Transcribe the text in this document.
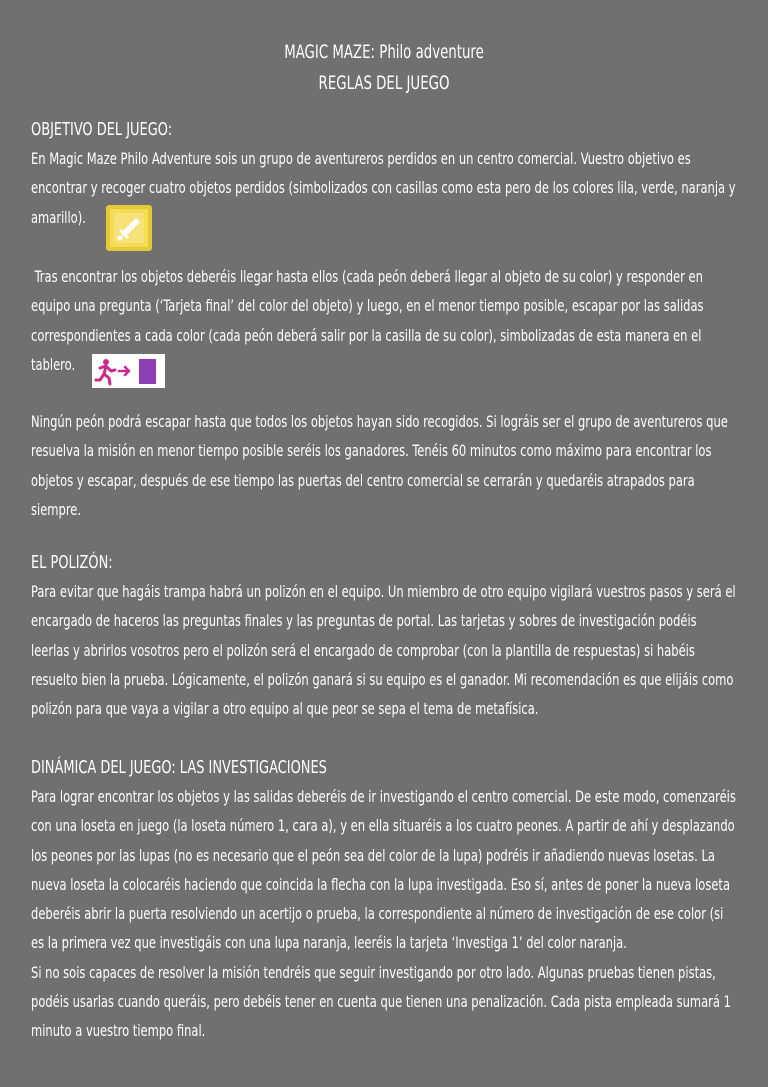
MAGIC MAZE: Philo adventure
REGLAS DEL JUEGO
OBJETIVO DEL JUEGO:
En Magic Maze Philo Adventure sois un grupo de aventureros perdidos en un centro comercial. Vuestro objetivo es
encontrar y recoger cuatro objetos perdidos (simbolizados con casillas como esta pero de los colores lila, verde, naranja y
amarillo).
Tras encontrar los objetos deberéis llegar hasta ellos (cada peón deberá llegar al objeto de su color) y responder en
equipo una pregunta (‘Tarjeta final’ del color del objeto) y luego, en el menor tiempo posible, escapar por las salidas
correspondientes a cada color (cada peón deberá salir por la casilla de su color), simbolizadas de esta manera en el
tablero.
Ningún peón podrá escapar hasta que todos los objetos hayan sido recogidos. Si lográis ser el grupo de aventureros que
resuelva la misión en menor tiempo posible seréis los ganadores. Tenéis 60 minutos como máximo para encontrar los
objetos y escapar, después de ese tiempo las puertas del centro comercial se cerrarán y quedaréis atrapados para
siempre.
EL POLIZÓN:
Para evitar que hagáis trampa habrá un polizón en el equipo. Un miembro de otro equipo vigilará vuestros pasos y será el
encargado de haceros las preguntas finales y las preguntas de portal. Las tarjetas y sobres de investigación podéis
leerlas y abrirlos vosotros pero el polizón será el encargado de comprobar (con la plantilla de respuestas) si habéis
resuelto bien la prueba. Lógicamente, el polizón ganará si su equipo es el ganador. Mi recomendación es que elijáis como
polizón para que vaya a vigilar a otro equipo al que peor se sepa el tema de metafísica.
DINÁMICA DEL JUEGO: LAS INVESTIGACIONES
Para lograr encontrar los objetos y las salidas deberéis de ir investigando el centro comercial. De este modo, comenzaréis
con una loseta en juego (la loseta número 1, cara a), y en ella situaréis a los cuatro peones. A partir de ahí y desplazando
los peones por las lupas (no es necesario que el peón sea del color de la lupa) podréis ir añadiendo nuevas losetas. La
nueva loseta la colocaréis haciendo que coincida la flecha con la lupa investigada. Eso sí, antes de poner la nueva loseta
deberéis abrir la puerta resolviendo un acertijo o prueba, la correspondiente al número de investigación de ese color (si
es la primera vez que investigáis con una lupa naranja, leeréis la tarjeta ‘Investiga 1’ del color naranja.
Si no sois capaces de resolver la misión tendréis que seguir investigando por otro lado. Algunas pruebas tienen pistas,
podéis usarlas cuando queráis, pero debéis tener en cuenta que tienen una penalización. Cada pista empleada sumará 1
minuto a vuestro tiempo final.
